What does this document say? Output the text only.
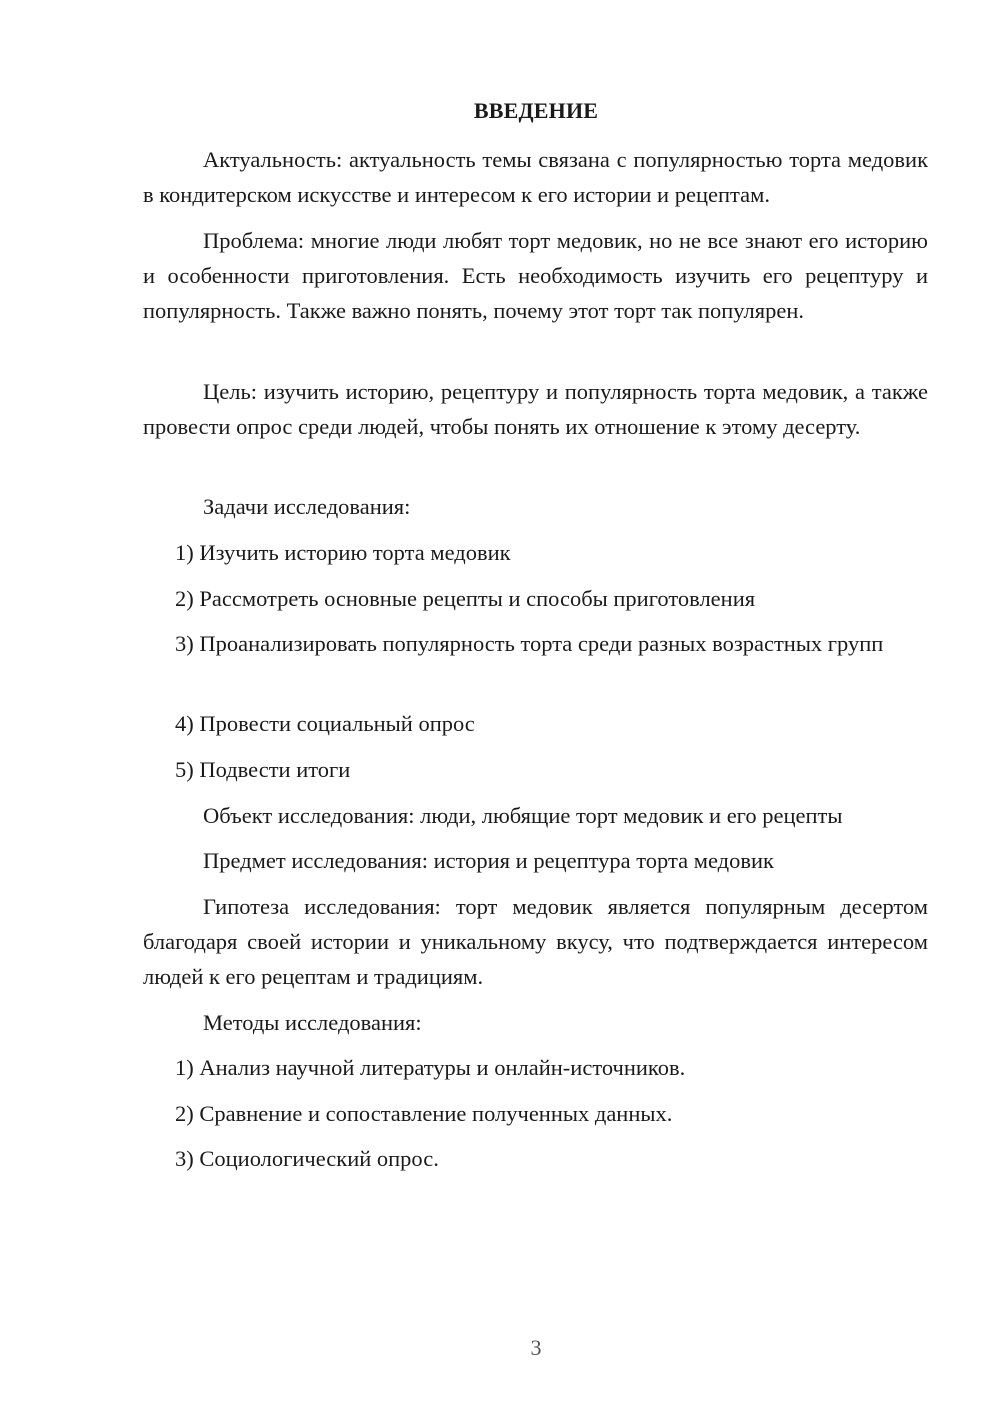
ВВЕДЕНИЕ

Актуальность: актуальность темы связана с популярностью торта медовик в кондитерском искусстве и интересом к его истории и рецептам.

Проблема: многие люди любят торт медовик, но не все знают его историю и особенности приготовления. Есть необходимость изучить его рецептуру и популярность. Также важно понять, почему этот торт так популярен.

Цель: изучить историю, рецептуру и популярность торта медовик, а также провести опрос среди людей, чтобы понять их отношение к этому десерту.

Задачи исследования:

1) Изучить историю торта медовик

2) Рассмотреть основные рецепты и способы приготовления

3) Проанализировать популярность торта среди разных возрастных групп

4) Провести социальный опрос

5) Подвести итоги

Объект исследования: люди, любящие торт медовик и его рецепты

Предмет исследования: история и рецептура торта медовик

Гипотеза исследования: торт медовик является популярным десертом благодаря своей истории и уникальному вкусу, что подтверждается интересом людей к его рецептам и традициям.

Методы исследования:

1) Анализ научной литературы и онлайн-источников.

2) Сравнение и сопоставление полученных данных.

3) Социологический опрос.

3
